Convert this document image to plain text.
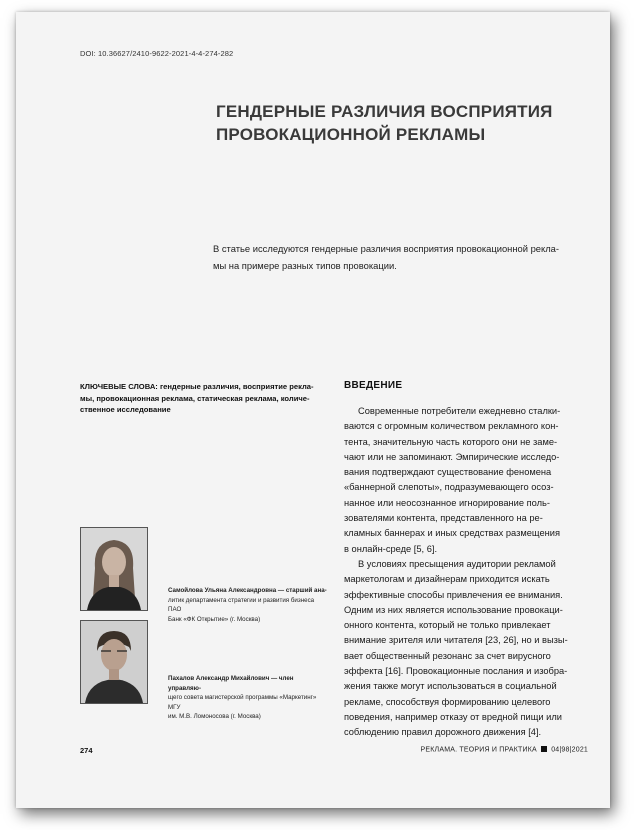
DOI: 10.36627/2410-9622-2021-4-4-274-282
ГЕНДЕРНЫЕ РАЗЛИЧИЯ ВОСПРИЯТИЯ
ПРОВОКАЦИОННОЙ РЕКЛАМЫ
В статье исследуются гендерные различия восприятия провокационной рекла-
мы на примере разных типов провокации.
КЛЮЧЕВЫЕ СЛОВА: гендерные различия, восприятие рекла-
мы, провокационная реклама, статическая реклама, количе-
ственное исследование
Самойлова Ульяна Александровна — старший ана-
литик департамента стратегии и развития бизнеса ПАО
Банк «ФК Открытие» (г. Москва)
Пахалов Александр Михайлович — член управляю-
щего совета магистерской программы «Маркетинг» МГУ
им. М.В. Ломоносова (г. Москва)
ВВЕДЕНИЕ
Современные потребители ежедневно сталки-
ваются с огромным количеством рекламного кон-
тента, значительную часть которого они не заме-
чают или не запоминают. Эмпирические исследо-
вания подтверждают существование феномена
«баннерной слепоты», подразумевающего осоз-
нанное или неосознанное игнорирование поль-
зователями контента, представленного на ре-
кламных баннерах и иных средствах размещения
в онлайн-среде [5, 6].
В условиях пресыщения аудитории рекламой
маркетологам и дизайнерам приходится искать
эффективные способы привлечения ее внимания.
Одним из них является использование провокаци-
онного контента, который не только привлекает
внимание зрителя или читателя [23, 26], но и вызы-
вает общественный резонанс за счет вирусного
эффекта [16]. Провокационные послания и изобра-
жения также могут использоваться в социальной
рекламе, способствуя формированию целевого
поведения, например отказу от вредной пищи или
соблюдению правил дорожного движения [4].
274	РЕКЛАМА. ТЕОРИЯ И ПРАКТИКА 04|98|2021
